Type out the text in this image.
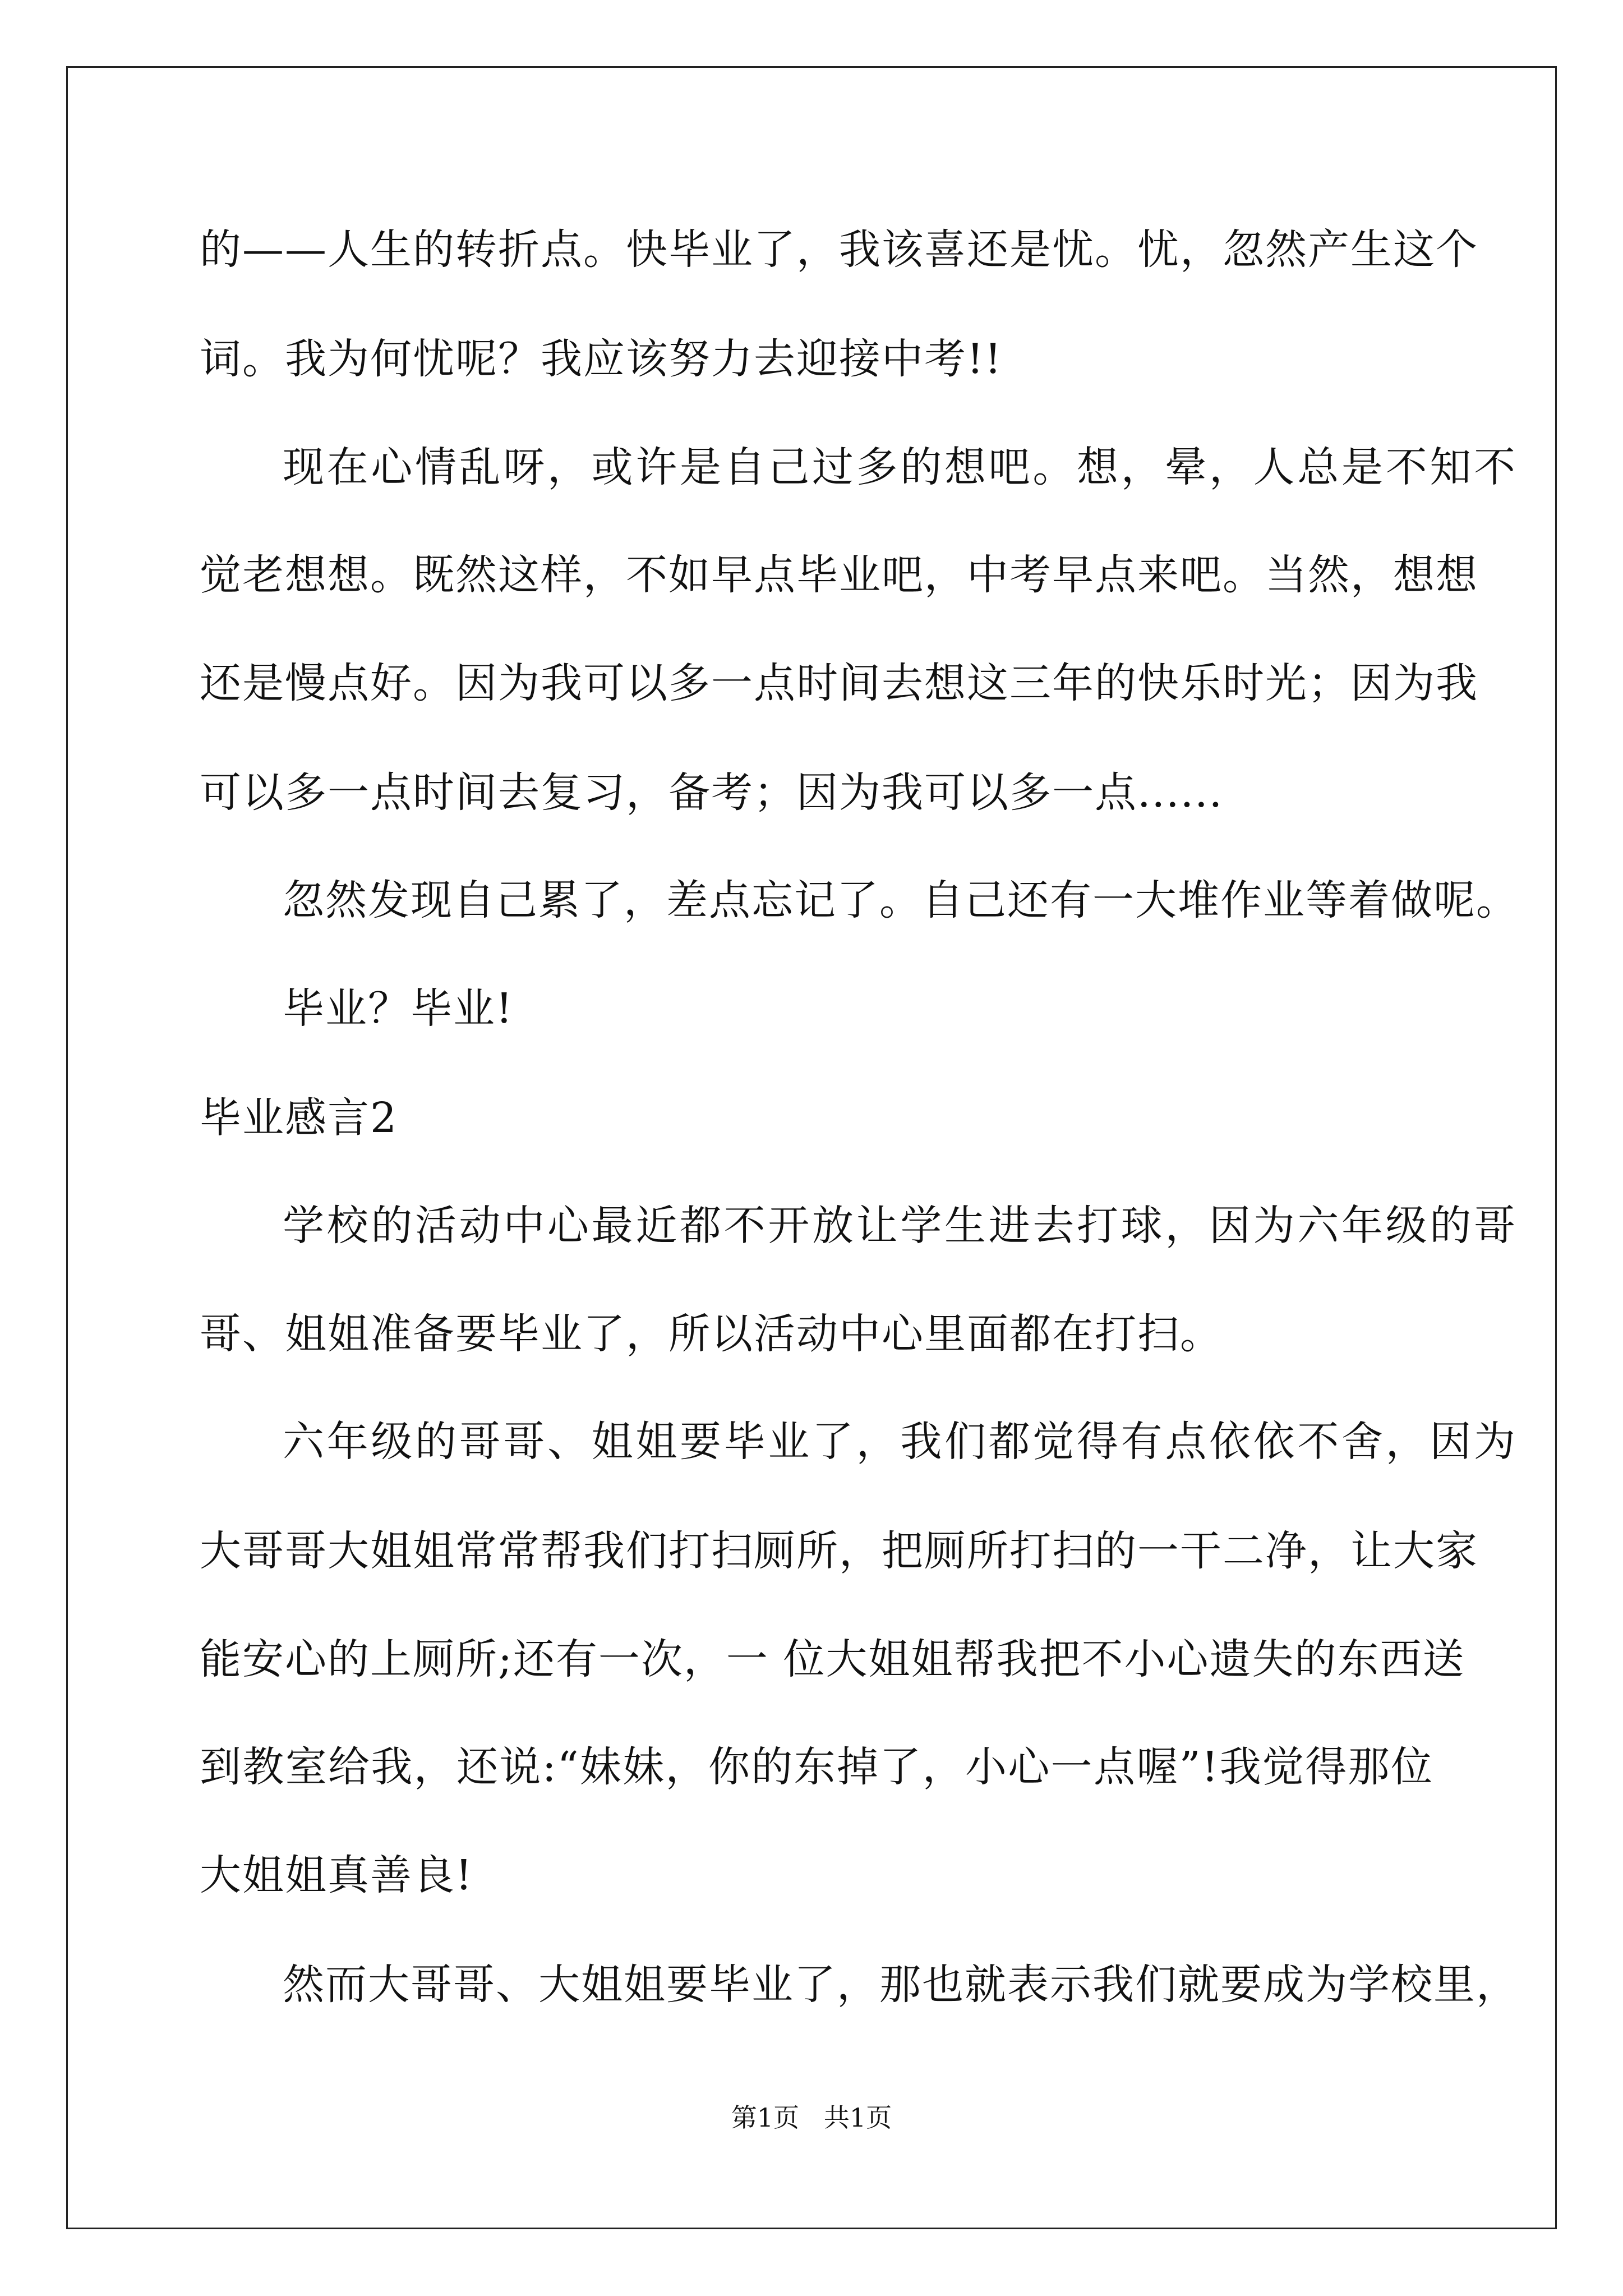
的——人生的转折点。快毕业了，我该喜还是忧。忧，忽然产生这个
词。我为何忧呢？我应该努力去迎接中考!!
现在心情乱呀，或许是自己过多的想吧。想，晕，人总是不知不
觉老想想。既然这样，不如早点毕业吧，中考早点来吧。当然，想想
还是慢点好。因为我可以多一点时间去想这三年的快乐时光；因为我
可以多一点时间去复习，备考；因为我可以多一点......
忽然发现自己累了，差点忘记了。自己还有一大堆作业等着做呢。
毕业？毕业!
毕业感言2
学校的活动中心最近都不开放让学生进去打球，因为六年级的哥
哥、姐姐准备要毕业了，所以活动中心里面都在打扫。
六年级的哥哥、姐姐要毕业了，我们都觉得有点依依不舍，因为
大哥哥大姐姐常常帮我们打扫厕所，把厕所打扫的一干二净，让大家
能安心的上厕所;还有一次，一 位大姐姐帮我把不小心遗失的东西送
到教室给我，还说:“妹妹，你的东掉了，小心一点喔”!我觉得那位
大姐姐真善良!
然而大哥哥、大姐姐要毕业了，那也就表示我们就要成为学校里，
第1页   共1页
